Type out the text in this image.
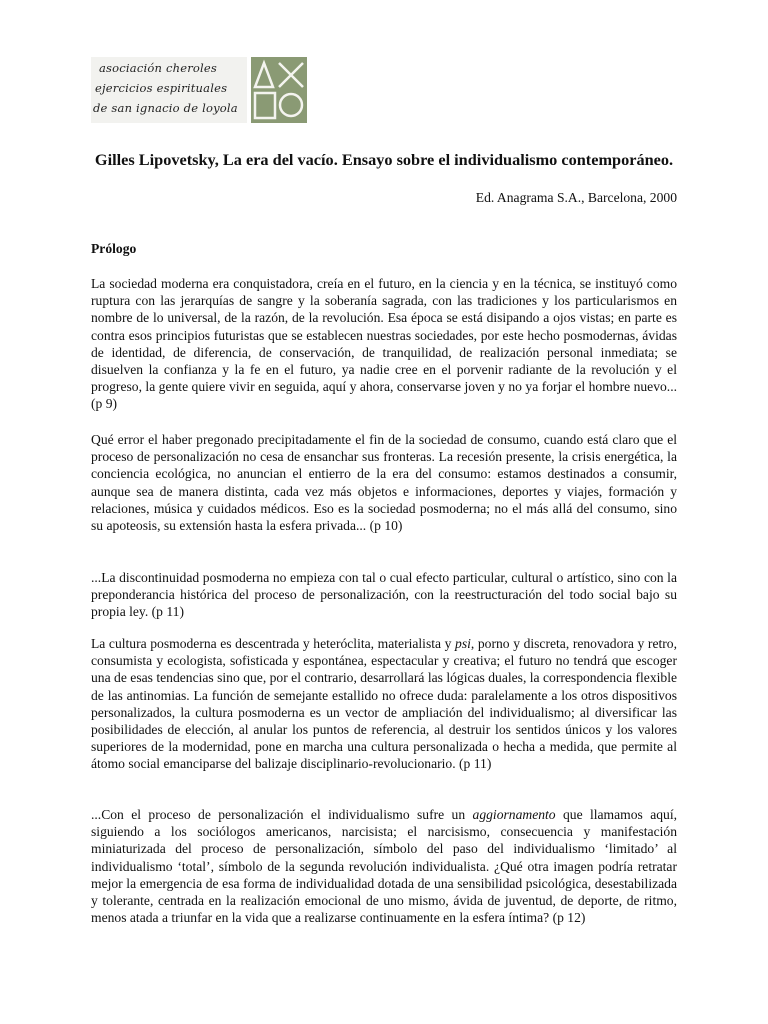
asociación cheroles
ejercicios espirituales
de san ignacio de loyola
Gilles Lipovetsky, La era del vacío. Ensayo sobre el individualismo contemporáneo.
Ed. Anagrama S.A., Barcelona, 2000
Prólogo

La sociedad moderna era conquistadora, creía en el futuro, en la ciencia y en la técnica, se instituyó como ruptura con las jerarquías de sangre y la soberanía sagrada, con las tradiciones y los particularismos en nombre de lo universal, de la razón, de la revolución. Esa época se está disipando a ojos vistas; en parte es contra esos principios futuristas que se establecen nuestras sociedades, por este hecho posmodernas, ávidas de identidad, de diferencia, de conservación, de tranquilidad, de realización personal inmediata; se disuelven la confianza y la fe en el futuro, ya nadie cree en el porvenir radiante de la revolución y el progreso, la gente quiere vivir en seguida, aquí y ahora, conservarse joven y no ya forjar el hombre nuevo... (p 9)

Qué error el haber pregonado precipitadamente el fin de la sociedad de consumo, cuando está claro que el proceso de personalización no cesa de ensanchar sus fronteras. La recesión presente, la crisis energética, la conciencia ecológica, no anuncian el entierro de la era del consumo: estamos destinados a consumir, aunque sea de manera distinta, cada vez más objetos e informaciones, deportes y viajes, formación y relaciones, música y cuidados médicos. Eso es la sociedad posmoderna; no el más allá del consumo, sino su apoteosis, su extensión hasta la esfera privada... (p 10)

...La discontinuidad posmoderna no empieza con tal o cual efecto particular, cultural o artístico, sino con la preponderancia histórica del proceso de personalización, con la reestructuración del todo social bajo su propia ley. (p 11)

La cultura posmoderna es descentrada y heteróclita, materialista y psi, porno y discreta, renovadora y retro, consumista y ecologista, sofisticada y espontánea, espectacular y creativa; el futuro no tendrá que escoger una de esas tendencias sino que, por el contrario, desarrollará las lógicas duales, la correspondencia flexible de las antinomias. La función de semejante estallido no ofrece duda: paralelamente a los otros dispositivos personalizados, la cultura posmoderna es un vector de ampliación del individualismo; al diversificar las posibilidades de elección, al anular los puntos de referencia, al destruir los sentidos únicos y los valores superiores de la modernidad, pone en marcha una cultura personalizada o hecha a medida, que permite al átomo social emanciparse del balizaje disciplinario-revolucionario. (p 11)

...Con el proceso de personalización el individualismo sufre un aggiornamento que llamamos aquí, siguiendo a los sociólogos americanos, narcisista; el narcisismo, consecuencia y manifestación miniaturizada del proceso de personalización, símbolo del paso del individualismo ‘limitado’ al individualismo ‘total’, símbolo de la segunda revolución individualista. ¿Qué otra imagen podría retratar mejor la emergencia de esa forma de individualidad dotada de una sensibilidad psicológica, desestabilizada y tolerante, centrada en la realización emocional de uno mismo, ávida de juventud, de deporte, de ritmo, menos atada a triunfar en la vida que a realizarse continuamente en la esfera íntima? (p 12)
